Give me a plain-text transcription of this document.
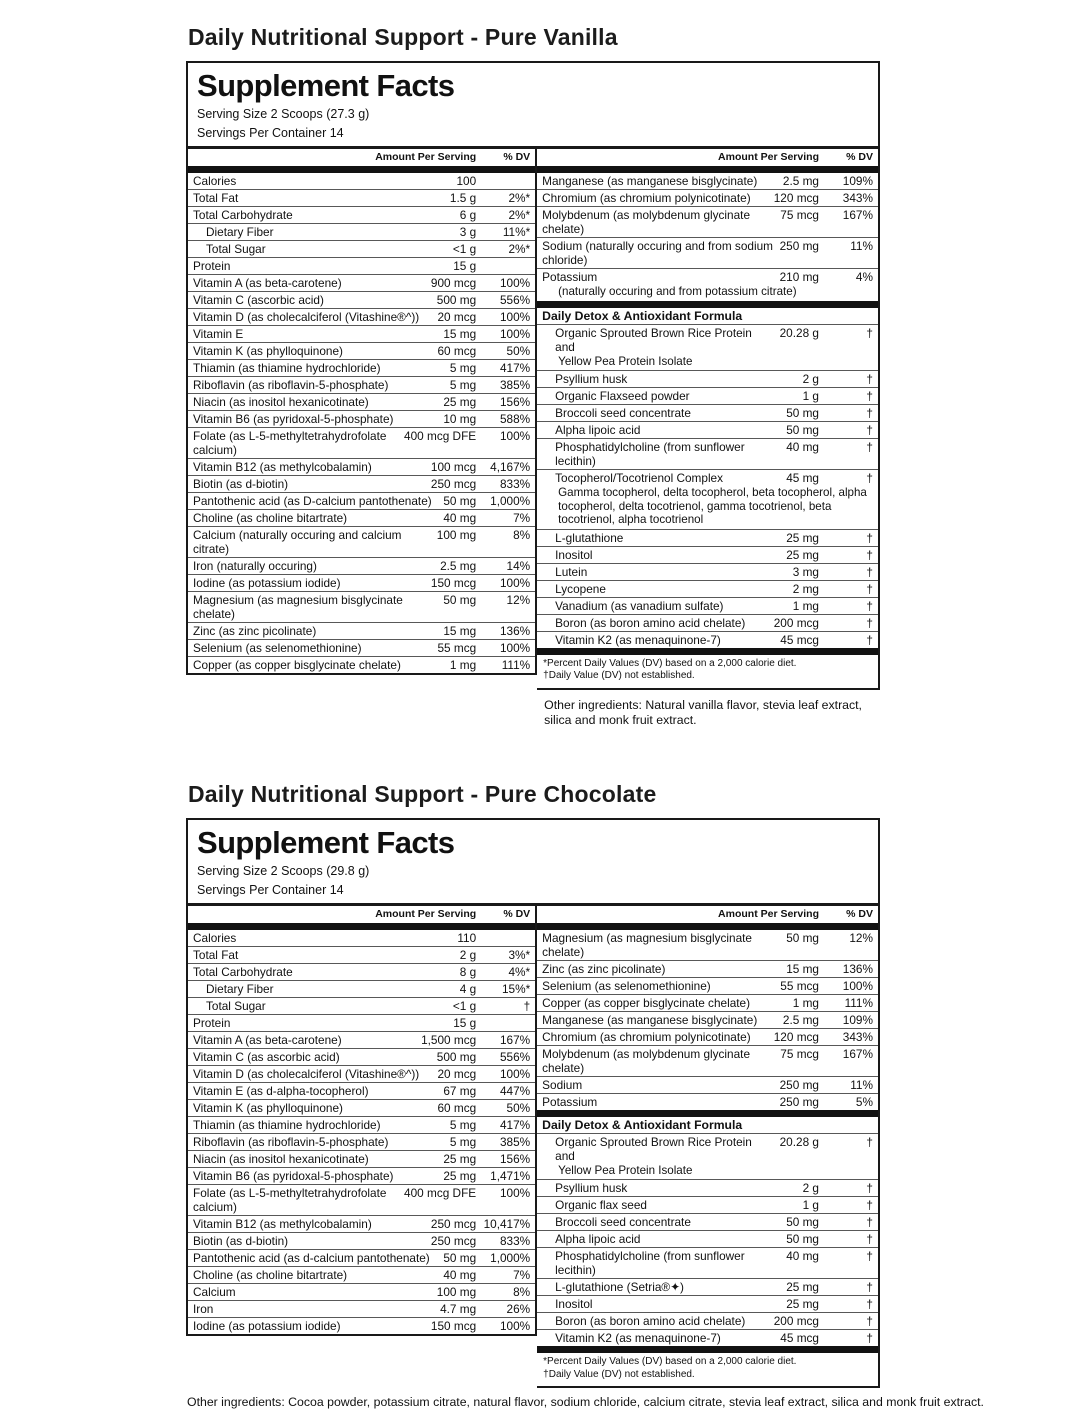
Daily Nutritional Support - Pure Vanilla
Supplement Facts
Serving Size 2 Scoops (27.3 g)
Servings Per Container 14
Amount Per Serving	% DV
Calories	100
Total Fat	1.5 g	2%*
Total Carbohydrate	6 g	2%*
Dietary Fiber	3 g	11%*
Total Sugar	<1 g	2%*
Protein	15 g
Vitamin A (as beta-carotene)	900 mcg	100%
Vitamin C (ascorbic acid)	500 mg	556%
Vitamin D (as cholecalciferol (Vitashine®^))	20 mcg	100%
Vitamin E	15 mg	100%
Vitamin K (as phylloquinone)	60 mcg	50%
Thiamin (as thiamine hydrochloride)	5 mg	417%
Riboflavin (as riboflavin-5-phosphate)	5 mg	385%
Niacin (as inositol hexanicotinate)	25 mg	156%
Vitamin B6 (as pyridoxal-5-phosphate)	10 mg	588%
Folate (as L-5-methyltetrahydrofolate calcium)
400 mcg DFE	100%
Vitamin B12 (as methylcobalamin)	100 mcg	4,167%
Biotin (as d-biotin)	250 mcg	833%
Pantothenic acid (as D-calcium pantothenate) 50 mg	1,000%
Choline (as choline bitartrate)	40 mg	7%
Calcium (naturally occuring and calcium citrate)
100 mg	8%
Iron (naturally occuring)	2.5 mg	14%
Iodine (as potassium iodide)	150 mcg	100%
Magnesium (as magnesium bisglycinate chelate)
50 mg	12%
Zinc (as zinc picolinate)	15 mg	136%
Selenium (as selenomethionine)	55 mcg	100%
Copper (as copper bisglycinate chelate)	1 mg	111%
Amount Per Serving	% DV
Manganese (as manganese bisglycinate)	2.5 mg	109%
Chromium (as chromium polynicotinate)	120 mcg	343%
Molybdenum (as molybdenum glycinate chelate)
75 mcg	167%
Sodium (naturally occuring and from sodium chloride)
250 mg	11%
Potassium	210 mg	4%
(naturally occuring and from potassium citrate)
Daily Detox & Antioxidant Formula
Organic Sprouted Brown Rice Protein and
20.28 g	†
Yellow Pea Protein Isolate
Psyllium husk	2 g	†
Organic Flaxseed powder	1 g	†
Broccoli seed concentrate	50 mg	†
Alpha lipoic acid	50 mg	†
Phosphatidylcholine (from sunflower lecithin)
40 mg	†
Tocopherol/Tocotrienol Complex	45 mg	†
Gamma tocopherol, delta tocopherol, beta tocopherol, alpha tocopherol, delta tocotrienol, gamma tocotrienol, beta tocotrienol, alpha tocotrienol
L-glutathione	25 mg	†
Inositol	25 mg	†
Lutein	3 mg	†
Lycopene	2 mg	†
Vanadium (as vanadium sulfate)	1 mg	†
Boron (as boron amino acid chelate)	200 mcg	†
Vitamin K2 (as menaquinone-7)	45 mcg	†
*Percent Daily Values (DV) based on a 2,000 calorie diet.
†Daily Value (DV) not established.
Other ingredients: Natural vanilla flavor, stevia leaf extract, silica and monk fruit extract.
Daily Nutritional Support - Pure Chocolate
Supplement Facts
Serving Size 2 Scoops (29.8 g)
Servings Per Container 14
Amount Per Serving	% DV
Calories	110
Total Fat	2 g	3%*
Total Carbohydrate	8 g	4%*
Dietary Fiber	4 g	15%*
Total Sugar	<1 g	†
Protein	15 g
Vitamin A (as beta-carotene)	1,500 mcg	167%
Vitamin C (as ascorbic acid)	500 mg	556%
Vitamin D (as cholecalciferol (Vitashine®^))	20 mcg	100%
Vitamin E (as d-alpha-tocopherol)	67 mg	447%
Vitamin K (as phylloquinone)	60 mcg	50%
Thiamin (as thiamine hydrochloride)	5 mg	417%
Riboflavin (as riboflavin-5-phosphate)	5 mg	385%
Niacin (as inositol hexanicotinate)	25 mg	156%
Vitamin B6 (as pyridoxal-5-phosphate)	25 mg	1,471%
Folate (as L-5-methyltetrahydrofolate calcium)
400 mcg DFE	100%
Vitamin B12 (as methylcobalamin)	250 mcg 10,417%
Biotin (as d-biotin)	250 mcg	833%
Pantothenic acid (as d-calcium pantothenate)	50 mg	1,000%
Choline (as choline bitartrate)	40 mg	7%
Calcium	100 mg	8%
Iron	4.7 mg	26%
Iodine (as potassium iodide)	150 mcg	100%
Amount Per Serving	% DV
Magnesium (as magnesium bisglycinate chelate)
50 mg	12%
Zinc (as zinc picolinate)	15 mg	136%
Selenium (as selenomethionine)	55 mcg	100%
Copper (as copper bisglycinate chelate)	1 mg	111%
Manganese (as manganese bisglycinate)	2.5 mg	109%
Chromium (as chromium polynicotinate)	120 mcg	343%
Molybdenum (as molybdenum glycinate chelate)
75 mcg	167%
Sodium	250 mg	11%
Potassium	250 mg	5%
Daily Detox & Antioxidant Formula
Organic Sprouted Brown Rice Protein and
20.28 g	†
Yellow Pea Protein Isolate
Psyllium husk	2 g	†
Organic flax seed	1 g	†
Broccoli seed concentrate	50 mg	†
Alpha lipoic acid	50 mg	†
Phosphatidylcholine (from sunflower lecithin)
40 mg	†
L-glutathione (Setria®✦)	25 mg	†
Inositol	25 mg	†
Boron (as boron amino acid chelate)	200 mcg	†
Vitamin K2 (as menaquinone-7)	45 mcg	†
*Percent Daily Values (DV) based on a 2,000 calorie diet.
†Daily Value (DV) not established.
Other ingredients: Cocoa powder, potassium citrate, natural flavor, sodium chloride, calcium citrate, stevia leaf extract, silica and monk fruit extract.
